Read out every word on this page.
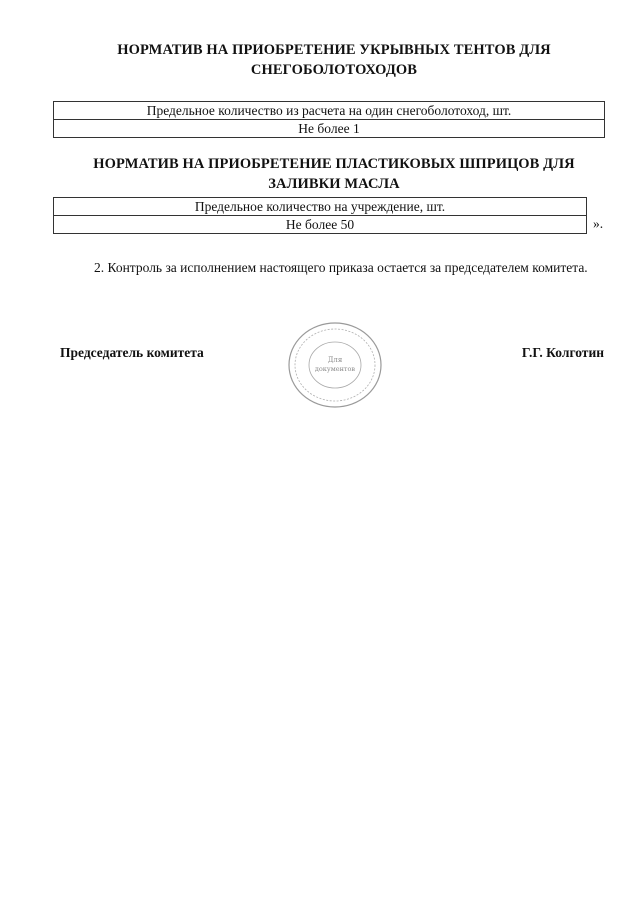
НОРМАТИВ НА ПРИОБРЕТЕНИЕ УКРЫВНЫХ ТЕНТОВ ДЛЯ
СНЕГОБОЛОТОХОДОВ
Предельное количество из расчета на один снегоболотоход, шт.
Не более 1
НОРМАТИВ НА ПРИОБРЕТЕНИЕ ПЛАСТИКОВЫХ ШПРИЦОВ ДЛЯ
ЗАЛИВКИ МАСЛА
Предельное количество на учреждение, шт.
Не более 50	».
2. Контроль за исполнением настоящего приказа остается за председателем комитета.
Председатель комитета	Для
документов
Г.Г. Колготин
